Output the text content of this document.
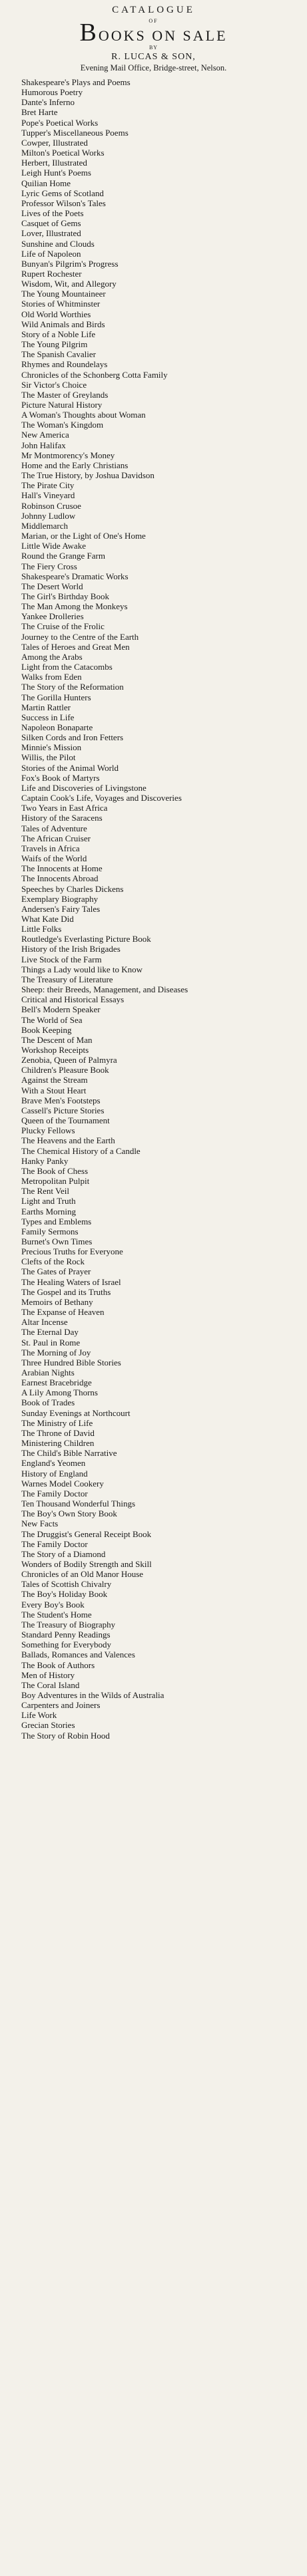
CATALOGUE

OF

BOOKS ON SALE

BY

R. LUCAS & SON,

Evening Mail Office, Bridge-street, Nelson.

Shakespeare's Plays and Poems
Humorous Poetry
Dante's Inferno
Bret Harte
Pope's Poetical Works
Tupper's Miscellaneous Poems
Cowper, Illustrated
Milton's Poetical Works
Herbert, Illustrated
Leigh Hunt's Poems
Quilian Home
Lyric Gems of Scotland
Professor Wilson's Tales
Lives of the Poets
Casquet of Gems
Lover, Illustrated
Sunshine and Clouds
Life of Napoleon
Bunyan's Pilgrim's Progress
Rupert Rochester
Wisdom, Wit, and Allegory
The Young Mountaineer
Stories of Whitminster
Old World Worthies
Wild Animals and Birds
Story of a Noble Life
The Young Pilgrim
The Spanish Cavalier
Rhymes and Roundelays
Chronicles of the Schonberg Cotta Family
Sir Victor's Choice
The Master of Greylands
Picture Natural History
A Woman's Thoughts about Woman
The Woman's Kingdom
New America
John Halifax
Mr Montmorency's Money
Home and the Early Christians
The True History, by Joshua Davidson
The Pirate City
Hall's Vineyard
Robinson Crusoe
Johnny Ludlow
Middlemarch
Marian, or the Light of One's Home
Little Wide Awake
Round the Grange Farm
The Fiery Cross
Shakespeare's Dramatic Works
The Desert World
The Girl's Birthday Book
The Man Among the Monkeys
Yankee Drolleries
The Cruise of the Frolic
Journey to the Centre of the Earth
Tales of Heroes and Great Men
Among the Arabs
Light from the Catacombs
Walks from Eden
The Story of the Reformation
The Gorilla Hunters
Martin Rattler
Success in Life
Napoleon Bonaparte
Silken Cords and Iron Fetters
Minnie's Mission
Willis, the Pilot
Stories of the Animal World
Fox's Book of Martyrs
Life and Discoveries of Livingstone
Captain Cook's Life, Voyages and Discoveries
Two Years in East Africa
History of the Saracens
Tales of Adventure
The African Cruiser
Travels in Africa
Waifs of the World
The Innocents at Home
The Innocents Abroad
Speeches by Charles Dickens
Exemplary Biography
Andersen's Fairy Tales
What Kate Did
Little Folks
Routledge's Everlasting Picture Book
History of the Irish Brigades
Live Stock of the Farm
Things a Lady would like to Know
The Treasury of Literature
Sheep: their Breeds, Management, and Diseases
Critical and Historical Essays
Bell's Modern Speaker
The World of Sea
Book Keeping
The Descent of Man
Workshop Receipts
Zenobia, Queen of Palmyra
Children's Pleasure Book
Against the Stream
With a Stout Heart
Brave Men's Footsteps
Cassell's Picture Stories
Queen of the Tournament
Plucky Fellows
The Heavens and the Earth
The Chemical History of a Candle
Hanky Panky
The Book of Chess
Metropolitan Pulpit
The Rent Veil
Light and Truth
Earths Morning
Types and Emblems
Family Sermons
Burnet's Own Times
Precious Truths for Everyone
Clefts of the Rock
The Gates of Prayer
The Healing Waters of Israel
The Gospel and its Truths
Memoirs of Bethany
The Expanse of Heaven
Altar Incense
The Eternal Day
St. Paul in Rome
The Morning of Joy
Three Hundred Bible Stories
Arabian Nights
Earnest Bracebridge
A Lily Among Thorns
Book of Trades
Sunday Evenings at Northcourt
The Ministry of Life
The Throne of David
Ministering Children
The Child's Bible Narrative
England's Yeomen
History of England
Warnes Model Cookery
The Family Doctor
Ten Thousand Wonderful Things
The Boy's Own Story Book
New Facts
The Druggist's General Receipt Book
The Family Doctor
The Story of a Diamond
Wonders of Bodily Strength and Skill
Chronicles of an Old Manor House
Tales of Scottish Chivalry
The Boy's Holiday Book
Every Boy's Book
The Student's Home
The Treasury of Biography
Standard Penny Readings
Something for Everybody
Ballads, Romances and Valences
The Book of Authors
Men of History
The Coral Island
Boy Adventures in the Wilds of Australia
Carpenters and Joiners
Life Work
Grecian Stories
The Story of Robin Hood
